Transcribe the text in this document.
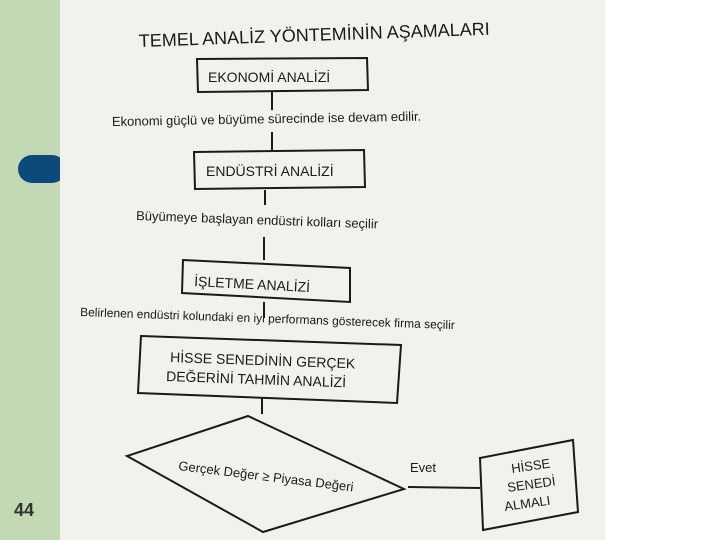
44
TEMEL ANALİZ YÖNTEMİNİN AŞAMALARI
EKONOMİ ANALİZİ
Ekonomi güçlü ve büyüme sürecinde ise devam edilir.
ENDÜSTRİ ANALİZİ
Büyümeye başlayan endüstri kolları seçilir
İŞLETME ANALİZİ
Belirlenen endüstri kolundaki en iyi performans gösterecek firma seçilir
HİSSE SENEDİNİN GERÇEK
DEĞERİNİ TAHMİN ANALİZİ
Gerçek Değer ≥ Piyasa Değeri	Evet	HİSSE
SENEDİ
ALMALI
